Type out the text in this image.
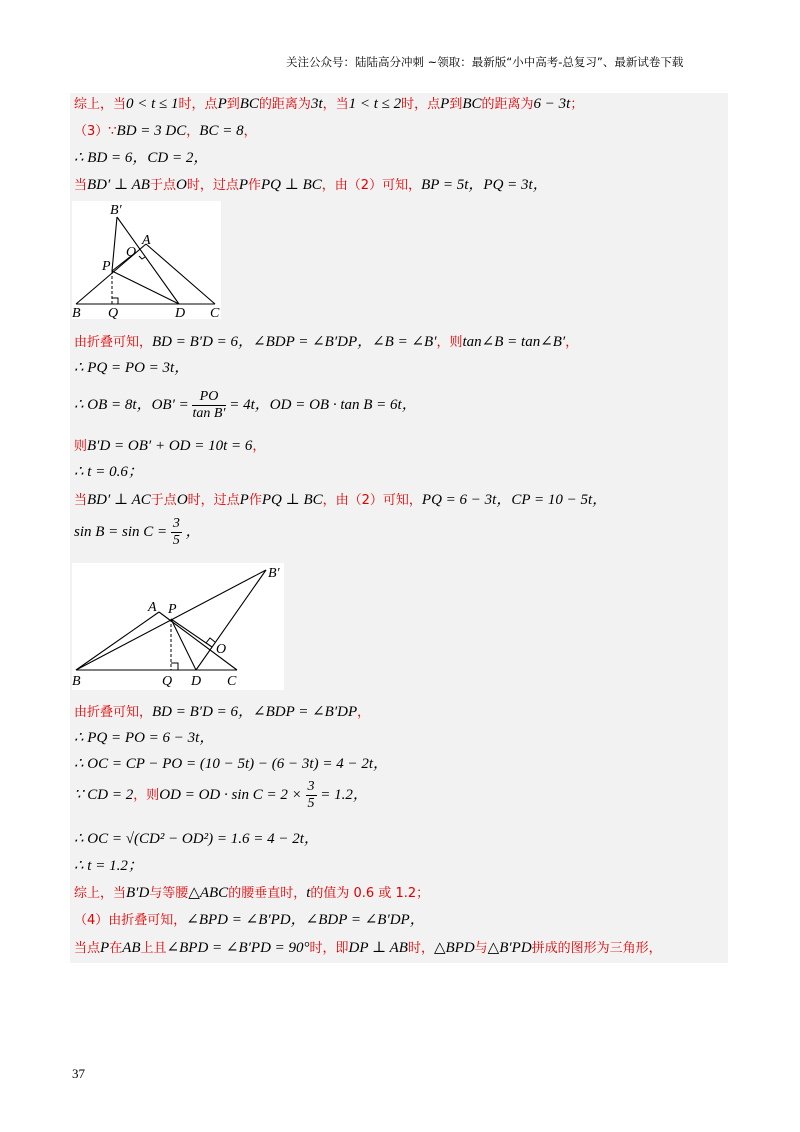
关注公众号：陆陆高分冲刺 ~领取：最新版“小中高考-总复习”、最新试卷下载
综上，当0 < t ≤ 1时，点P到BC的距离为3t，当1 < t ≤ 2时，点P到BC的距离为6 − 3t；
（3）∵BD = 3 DC，BC = 8，
∴ BD = 6，CD = 2，
当BD′ ⊥ AB于点O时，过点P作PQ ⊥ BC，由（2）可知，BP = 5t，PQ = 3t，
B′
A
O
P
B Q	D C
由折叠可知，BD = B′D = 6，∠BDP = ∠B′DP，∠B = ∠B′，则tan∠B = tan∠B′，
∴ PQ = PO = 3t，
∴ OB = 8t，$OB' = \frac{PO}{\text{tan B′}} = 4t$，OD = OB · tan B = 6t，
则B′D = OB′ + OD = 10t = 6，
∴ t = 0.6；
当BD′ ⊥ AC于点O时，过点P作PQ ⊥ BC，由（2）可知，PQ = 6 − 3t，CP = 10 − 5t，
$\sin B = \sin C = \frac{3}{5}$ ，
B′
A P
O
B	Q D C
由折叠可知，BD = B′D = 6，∠BDP = ∠B′DP，
∴ PQ = PO = 6 − 3t，
∴ OC = CP − PO = (10 − 5t) − (6 − 3t) = 4 − 2t，
∵ CD = 2，则OD = OD · $\sin C = 2 \times \frac{3}{5} = 1.2$，
∴ OC = √(CD² − OD²) = 1.6 = 4 − 2t，
∴ t = 1.2；
综上，当B′D与等腰△ABC的腰垂直时，t的值为 0.6 或 1.2；
（4）由折叠可知，∠BPD = ∠B′PD，∠BDP = ∠B′DP，
当点P在AB上且∠BPD = ∠B′PD = 90°时，即DP ⊥ AB时，△BPD与△B′PD拼成的图形为三角形，
37
